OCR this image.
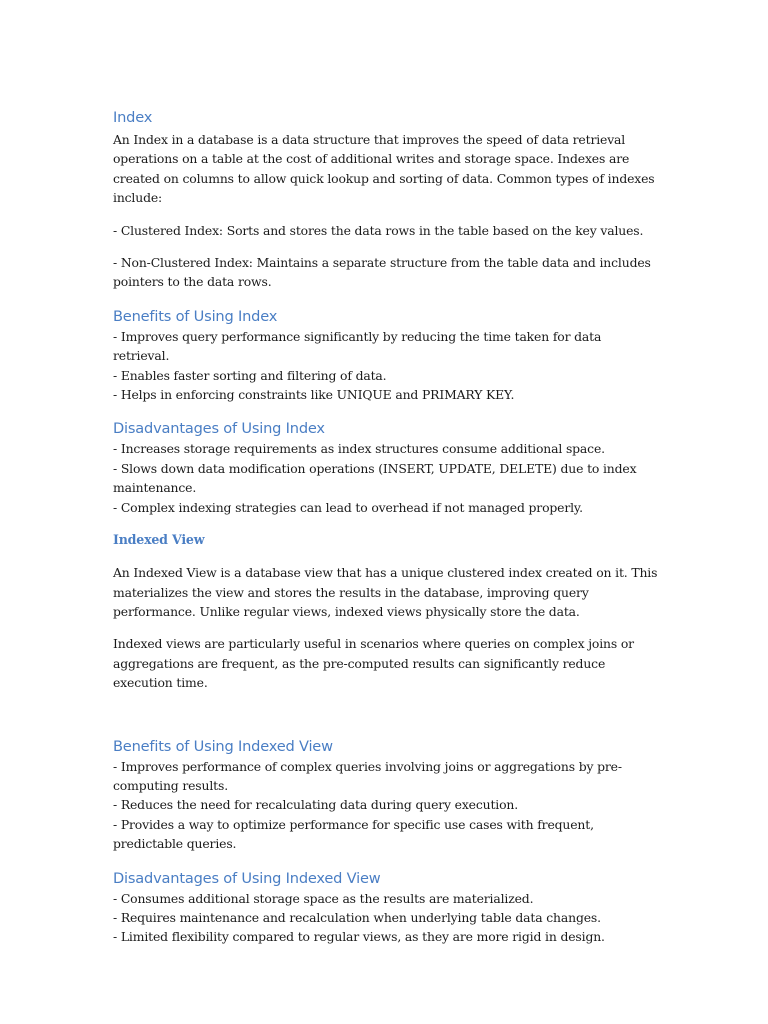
Index

An Index in a database is a data structure that improves the speed of data retrieval operations on a table at the cost of additional writes and storage space. Indexes are created on columns to allow quick lookup and sorting of data. Common types of indexes include:

- Clustered Index: Sorts and stores the data rows in the table based on the key values.

- Non-Clustered Index: Maintains a separate structure from the table data and includes pointers to the data rows.

Benefits of Using Index
- Improves query performance significantly by reducing the time taken for data retrieval.
- Enables faster sorting and filtering of data.
- Helps in enforcing constraints like UNIQUE and PRIMARY KEY.
Disadvantages of Using Index
- Increases storage requirements as index structures consume additional space.
- Slows down data modification operations (INSERT, UPDATE, DELETE) due to index maintenance.
- Complex indexing strategies can lead to overhead if not managed properly.
Indexed View

An Indexed View is a database view that has a unique clustered index created on it. This materializes the view and stores the results in the database, improving query performance. Unlike regular views, indexed views physically store the data.

Indexed views are particularly useful in scenarios where queries on complex joins or aggregations are frequent, as the pre-computed results can significantly reduce execution time.

Benefits of Using Indexed View
- Improves performance of complex queries involving joins or aggregations by pre-computing results.
- Reduces the need for recalculating data during query execution.
- Provides a way to optimize performance for specific use cases with frequent, predictable queries.
Disadvantages of Using Indexed View
- Consumes additional storage space as the results are materialized.
- Requires maintenance and recalculation when underlying table data changes.
- Limited flexibility compared to regular views, as they are more rigid in design.
